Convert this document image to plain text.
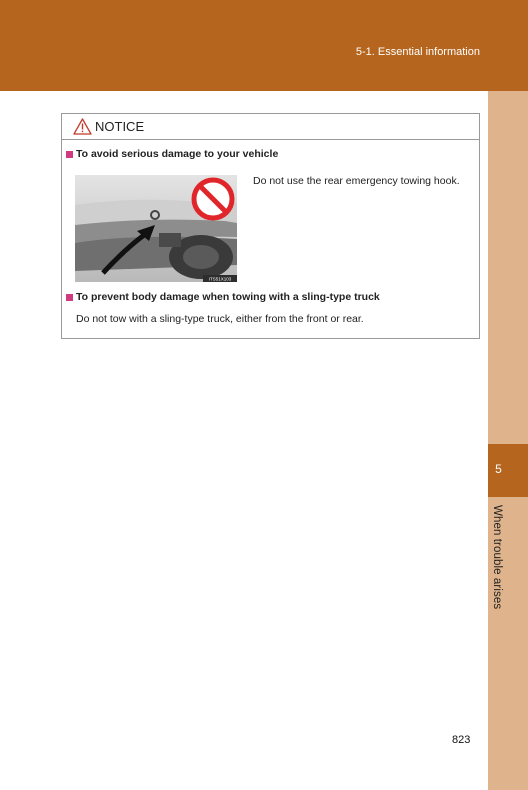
5-1. Essential information
5
When trouble arises
NOTICE
To avoid serious damage to your vehicle
ITS51X103
Do not use the rear emergency towing hook.
To prevent body damage when towing with a sling-type truck
Do not tow with a sling-type truck, either from the front or rear.
823
